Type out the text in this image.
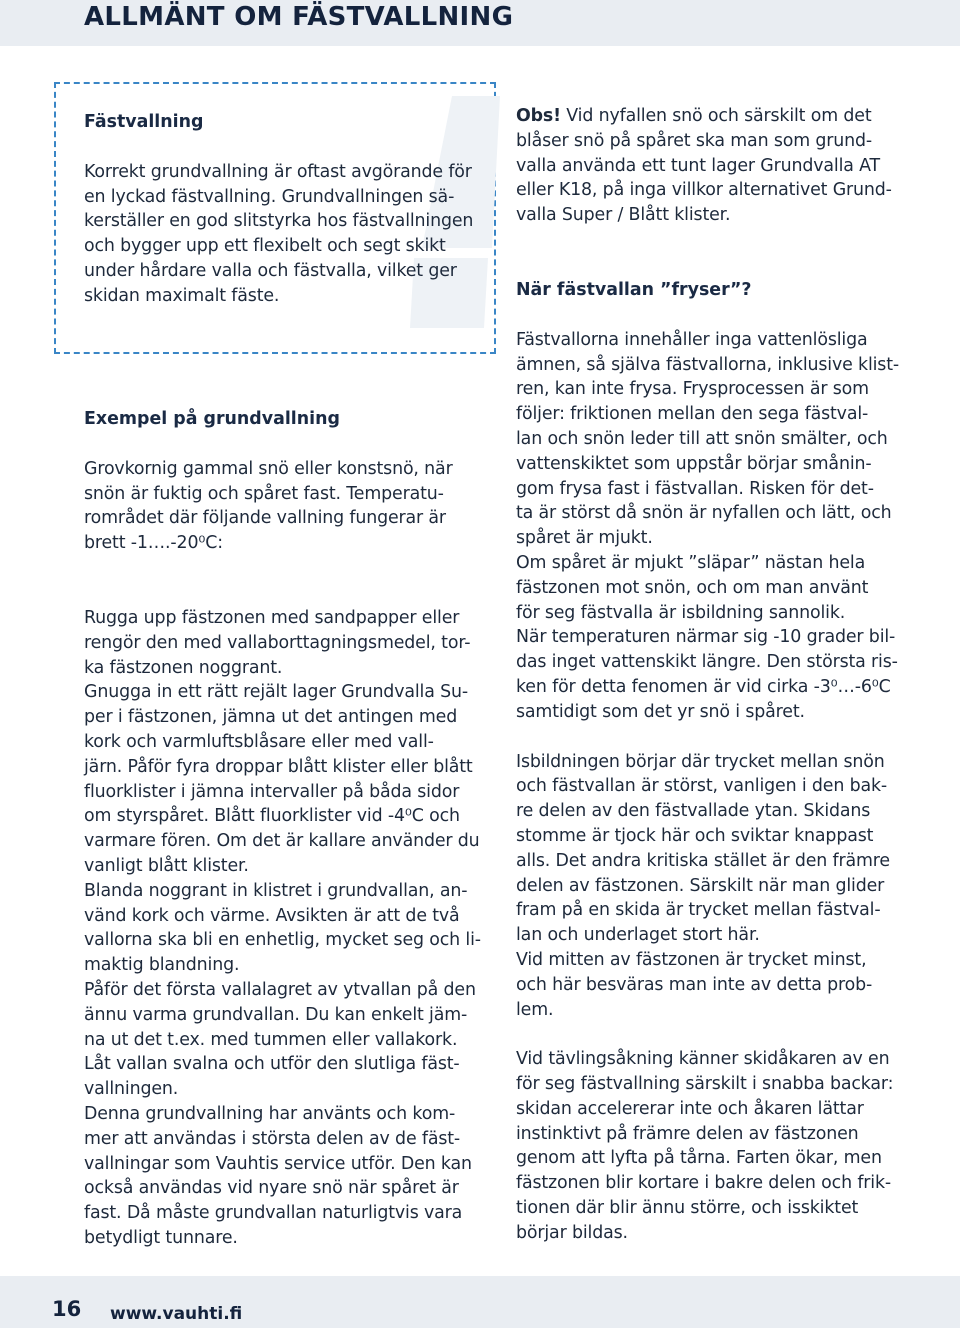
ALLMÄNT OM FÄSTVALLNING
Fästvallning

Korrekt grundvallning är oftast avgörande för

en lyckad fästvallning. Grundvallningen sä-

kerställer en god slitstyrka hos fästvallningen

och bygger upp ett flexibelt och segt skikt

under hårdare valla och fästvalla, vilket ger

skidan maximalt fäste.

Exempel på grundvallning

Grovkornig gammal snö eller konstsnö, när

snön är fuktig och spåret fast. Temperatu-

rområdet där följande vallning fungerar är

brett -1….-20⁰C:

Rugga upp fästzonen med sandpapper eller

rengör den med vallaborttagningsmedel, tor-

ka fästzonen noggrant.

Gnugga in ett rätt rejält lager Grundvalla Su-

per i fästzonen, jämna ut det antingen med

kork och varmluftsblåsare eller med vall-

järn. Påför fyra droppar blått klister eller blått

fluorklister i jämna intervaller på båda sidor

om styrspåret. Blått fluorklister vid -4⁰C och

varmare fören. Om det är kallare använder du

vanligt blått klister.

Blanda noggrant in klistret i grundvallan, an-

vänd kork och värme. Avsikten är att de två

vallorna ska bli en enhetlig, mycket seg och li-

maktig blandning.

Påför det första vallalagret av ytvallan på den

ännu varma grundvallan. Du kan enkelt jäm-

na ut det t.ex. med tummen eller vallakork.

Låt vallan svalna och utför den slutliga fäst-

vallningen.

Denna grundvallning har använts och kom-

mer att användas i största delen av de fäst-

vallningar som Vauhtis service utför. Den kan

också användas vid nyare snö när spåret är

fast. Då måste grundvallan naturligtvis vara

betydligt tunnare.

Obs! Vid nyfallen snö och särskilt om det

blåser snö på spåret ska man som grund-

valla använda ett tunt lager Grundvalla AT

eller K18, på inga villkor alternativet Grund-

valla Super / Blått klister.

När fästvallan ”fryser”?

Fästvallorna innehåller inga vattenlösliga

ämnen, så själva fästvallorna, inklusive klist-

ren, kan inte frysa. Frysprocessen är som

följer: friktionen mellan den sega fästval-

lan och snön leder till att snön smälter, och

vattenskiktet som uppstår börjar smånin-

gom frysa fast i fästvallan. Risken för det-

ta är störst då snön är nyfallen och lätt, och

spåret är mjukt.

Om spåret är mjukt ”släpar” nästan hela

fästzonen mot snön, och om man använt

för seg fästvalla är isbildning sannolik.

När temperaturen närmar sig -10 grader bil-

das inget vattenskikt längre. Den största ris-

ken för detta fenomen är vid cirka -3⁰…-6⁰C

samtidigt som det yr snö i spåret.

Isbildningen börjar där trycket mellan snön

och fästvallan är störst, vanligen i den bak-

re delen av den fästvallade ytan. Skidans

stomme är tjock här och sviktar knappast

alls. Det andra kritiska stället är den främre

delen av fästzonen. Särskilt när man glider

fram på en skida är trycket mellan fästval-

lan och underlaget stort här.

Vid mitten av fästzonen är trycket minst,

och här besväras man inte av detta prob-

lem.

Vid tävlingsåkning känner skidåkaren av en

för seg fästvallning särskilt i snabba backar:

skidan accelererar inte och åkaren lättar

instinktivt på främre delen av fästzonen

genom att lyfta på tårna. Farten ökar, men

fästzonen blir kortare i bakre delen och frik-

tionen där blir ännu större, och isskiktet

börjar bildas.

16 www.vauhti.fi
